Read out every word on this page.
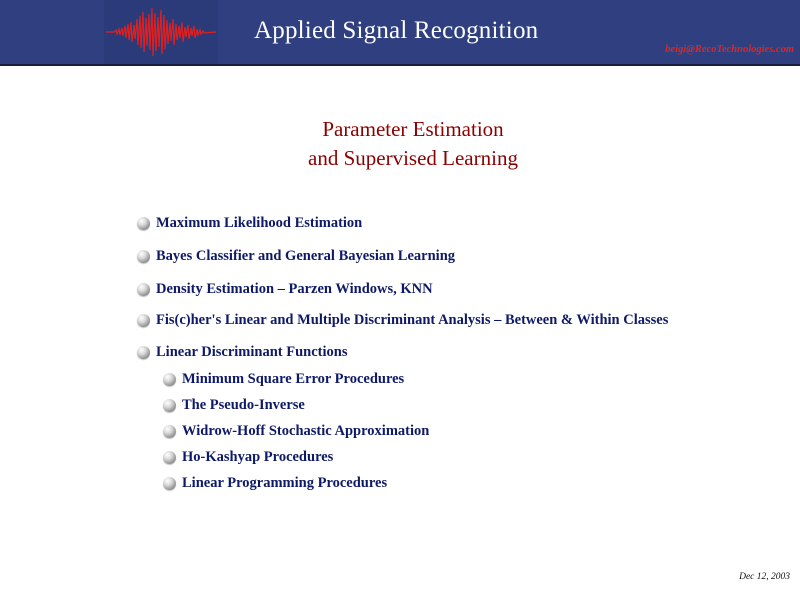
Applied Signal Recognition
beigi@RecoTechnologies.com
Parameter Estimation
and Supervised Learning
Maximum Likelihood Estimation
Bayes Classifier and General Bayesian Learning
Density Estimation – Parzen Windows, KNN
Fis(c)her's Linear and Multiple Discriminant Analysis – Between & Within Classes
Linear Discriminant Functions
Minimum Square Error Procedures
The Pseudo-Inverse
Widrow-Hoff Stochastic Approximation
Ho-Kashyap Procedures
Linear Programming Procedures
Dec 12, 2003
